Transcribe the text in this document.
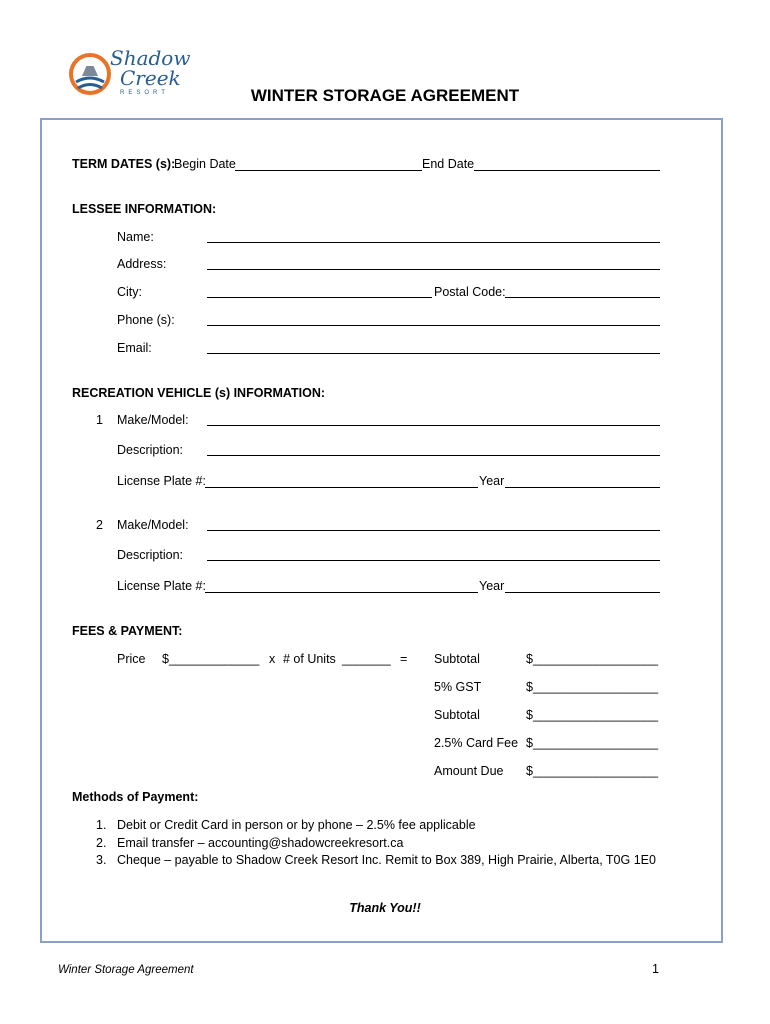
Shadow
Creek
RESORT	WINTER STORAGE AGREEMENT
TERM DATES (s):
Begin Date	End Date
LESSEE INFORMATION:
Name:
Address:
City:	Postal Code:
Phone (s):
Email:
RECREATION VEHICLE (s) INFORMATION:
1 Make/Model:
Description:
License Plate #:	Year
2 Make/Model:
Description:
License Plate #:	Year
FEES & PAYMENT:
Price $_____________ x # of Units _______ = Subtotal	$__________________
5% GST	$__________________
Subtotal	$__________________
2.5% Card Fee $__________________
Amount Due $__________________
Methods of Payment:
1. Debit or Credit Card in person or by phone – 2.5% fee applicable
2. Email transfer – accounting@shadowcreekresort.ca
3. Cheque – payable to Shadow Creek Resort Inc. Remit to Box 389, High Prairie, Alberta, T0G 1E0
Thank You!!
Winter Storage Agreement	1
